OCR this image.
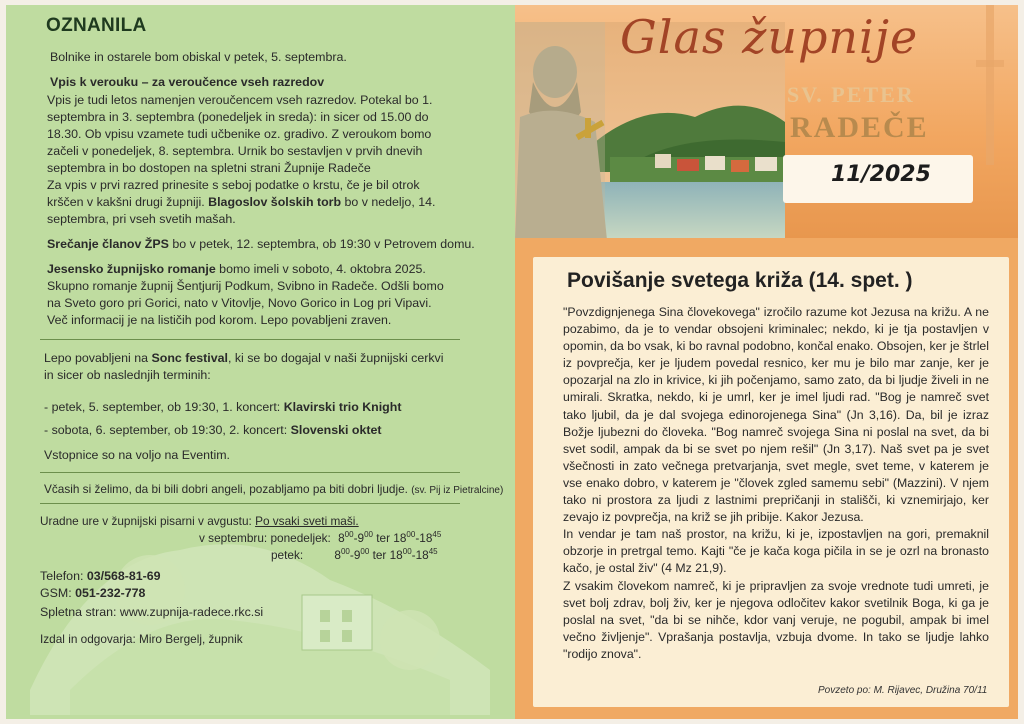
OZNANILA
Bolnike in ostarele bom obiskal v petek, 5. septembra.
Vpis k verouku – za veroučence vseh razredov
Vpis je tudi letos namenjen veroučencem vseh razredov. Potekal bo 1.
septembra in 3. septembra (ponedeljek in sreda): in sicer od 15.00 do
18.30. Ob vpisu vzamete tudi učbenike oz. gradivo. Z veroukom bomo
začeli v ponedeljek, 8. septembra. Urnik bo sestavljen v prvih dnevih
septembra in bo dostopen na spletni strani Župnije Radeče
Za vpis v prvi razred prinesite s seboj podatke o krstu, če je bil otrok
krščen v kakšni drugi župniji. Blagoslov šolskih torb bo v nedeljo, 14.
septembra, pri vseh svetih mašah.
Srečanje članov ŽPS bo v petek, 12. septembra, ob 19:30 v Petrovem domu.
Jesensko župnijsko romanje bomo imeli v soboto, 4. oktobra 2025.
Skupno romanje župnij Šentjurij Podkum, Svibno in Radeče. Odšli bomo
na Sveto goro pri Gorici, nato v Vitovlje, Novo Gorico in Log pri Vipavi.
Več informacij je na lističih pod korom. Lepo povabljeni zraven.
Lepo povabljeni na Sonc festival, ki se bo dogajal v naši župnijski cerkvi
in sicer ob naslednjih terminih:
- petek, 5. september, ob 19:30, 1. koncert: Klavirski trio Knight
- sobota, 6. september, ob 19:30, 2. koncert: Slovenski oktet
Vstopnice so na voljo na Eventim.
Včasih si želimo, da bi bili dobri angeli, pozabljamo pa biti dobri ljudje. (sv. Pij iz Pietralcine)
Uradne ure v župnijski pisarni v avgustu: Po vsaki sveti maši.
v septembru: ponedeljek: $8^{00}-9^{00}$ ter $18^{00}-18^{45}$
petek:	$8^{00}-9^{00}$ ter $18^{00}-18^{45}$
Telefon: 03/568-81-69
GSM: 051-232-778
Spletna stran: www.zupnija-radece.rkc.si
Izdal in odgovarja: Miro Bergelj, župnik
Glas župnije
SV. PETER
RADEČE
11/2025
Povišanje svetega križa (14. spet. )

"Povzdignjenega Sina človekovega" izročilo razume kot Jezusa na križu. A ne pozabimo, da je to vendar obsojeni kriminalec; nekdo, ki je tja postavljen v opomin, da bo vsak, ki bo ravnal podobno, končal enako. Obsojen, ker je štrlel iz povprečja, ker je ljudem povedal resnico, ker mu je bilo mar zanje, ker je opozarjal na zlo in krivice, ki jih počenjamo, samo zato, da bi ljudje živeli in ne umirali. Skratka, nekdo, ki je umrl, ker je imel ljudi rad. "Bog je namreč svet tako ljubil, da je dal svojega edinorojenega Sina" (Jn 3,16). Da, bil je izraz Božje ljubezni do človeka. "Bog namreč svojega Sina ni poslal na svet, da bi svet sodil, ampak da bi se svet po njem rešil" (Jn 3,17). Naš svet pa je svet všečnosti in zato večnega pretvarjanja, svet megle, svet teme, v katerem je vse enako dobro, v katerem je "človek zgled samemu sebi" (Mazzini). V njem tako ni prostora za ljudi z lastnimi prepričanji in stališči, ki vznemirjajo, ker zevajo iz povprečja, na križ se jih pribije. Kakor Jezusa.

In vendar je tam naš prostor, na križu, ki je, izpostavljen na gori, premaknil obzorje in pretrgal temo. Kajti "če je kača koga pičila in se je ozrl na bronasto kačo, je ostal živ" (4 Mz 21,9).

Z vsakim človekom namreč, ki je pripravljen za svoje vrednote tudi umreti, je svet bolj zdrav, bolj živ, ker je njegova odločitev kakor svetilnik Boga, ki ga je poslal na svet, "da bi se nihče, kdor vanj veruje, ne pogubil, ampak bi imel večno življenje". Vprašanja postavlja, vzbuja dvome. In tako se ljudje lahko "rodijo znova".

Povzeto po: M. Rijavec, Družina 70/11
